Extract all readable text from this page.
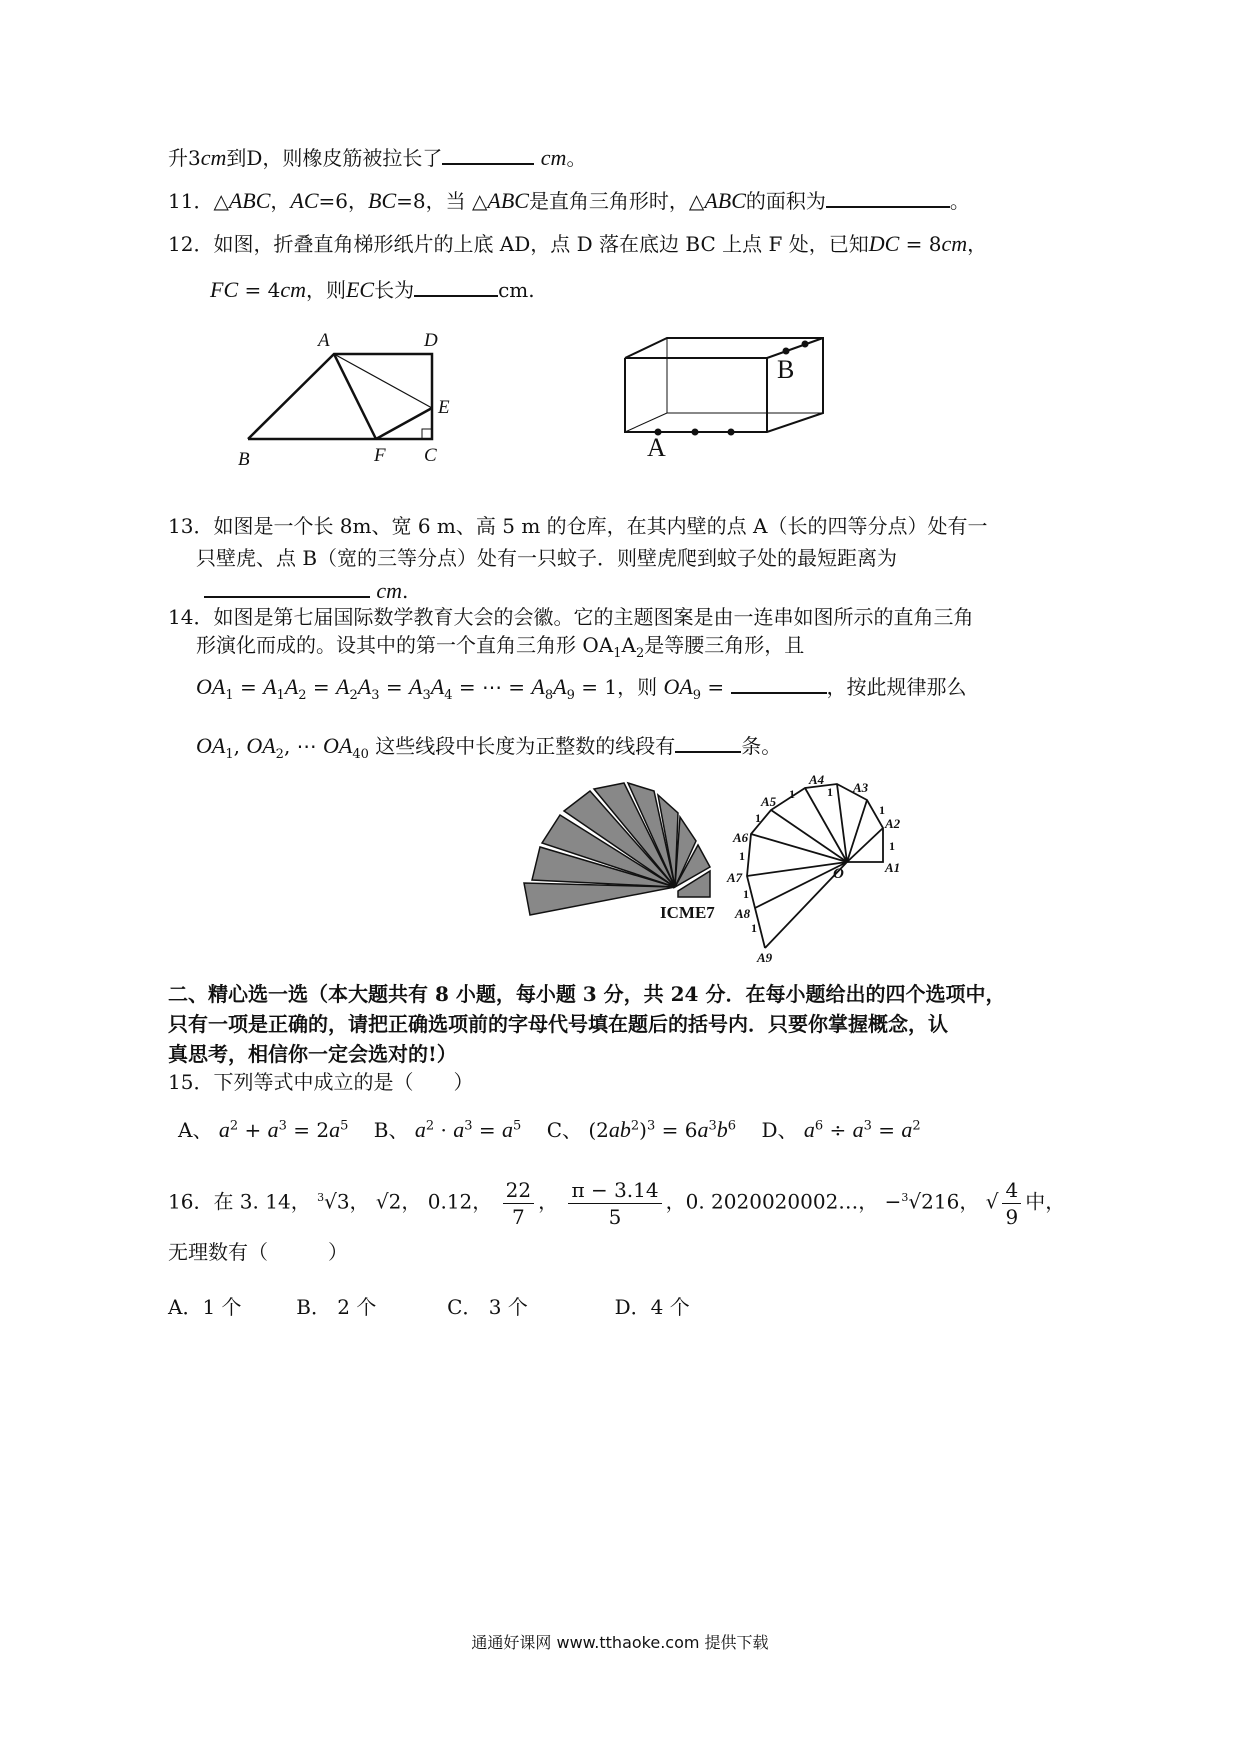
升3cm到D，则橡皮筋被拉长了	cm。
11．△ABC，AC=6，BC=8，当 △ABC是直角三角形时，△ABC的面积为	。
12．如图，折叠直角梯形纸片的上底 AD，点 D 落在底边 BC 上点 F 处，已知DC = 8cm，
FC = 4cm，则EC长为	cm.
A	D
E
B	F C	A
B
13．如图是一个长 8m、宽 6 m、高 5 m 的仓库，在其内壁的点 A（长的四等分点）处有一
只壁虎、点 B（宽的三等分点）处有一只蚊子．则壁虎爬到蚊子处的最短距离为
cm.
14．如图是第七届国际数学教育大会的会徽。它的主题图案是由一连串如图所示的直角三角
形演化而成的。设其中的第一个直角三角形 $OA_1A_2$是等腰三角形，且
$OA_1 = A_1A_2 = A_2A_3 = A_3A_4$ = ⋯ = $A_8A_9 = 1$，则 $OA_9$ =	，按此规律那么
$OA_1$, $OA_2$, ⋯ $OA_{40}$ 这些线段中长度为正整数的线段有	条。
ICME7
A1
A2
A3
A4
A5
A6
A7
A8
A9
O
1
1
1
1
1
1
1
1
二、精心选一选（本大题共有 8 小题，每小题 3 分，共 24 分．在每小题给出的四个选项中，
只有一项是正确的，请把正确选项前的字母代号填在题后的括号内．只要你掌握概念，认
真思考，相信你一定会选对的!）
15．下列等式中成立的是（　　）
A、 $a^2 + a^3 = 2a^5$ B、 $a^2 \cdot a^3 = a^5$ C、 $(2ab^2)^3 = 6a^3b^6$ D、 $a^6 \div a^3 = a^2$
16．在 3. 14， $^3$√3， √2， 0.12， $\frac{22}{7}$ ， $\frac{\pi - 3.14}{5}$ ，0. 2020020002…， −$^3$√216， √ $\frac{4}{9}$ 中，
无理数有（　　　）
A．1 个	B． 2 个	C． 3 个	D．4 个
通通好课网 www.tthaoke.com 提供下载
